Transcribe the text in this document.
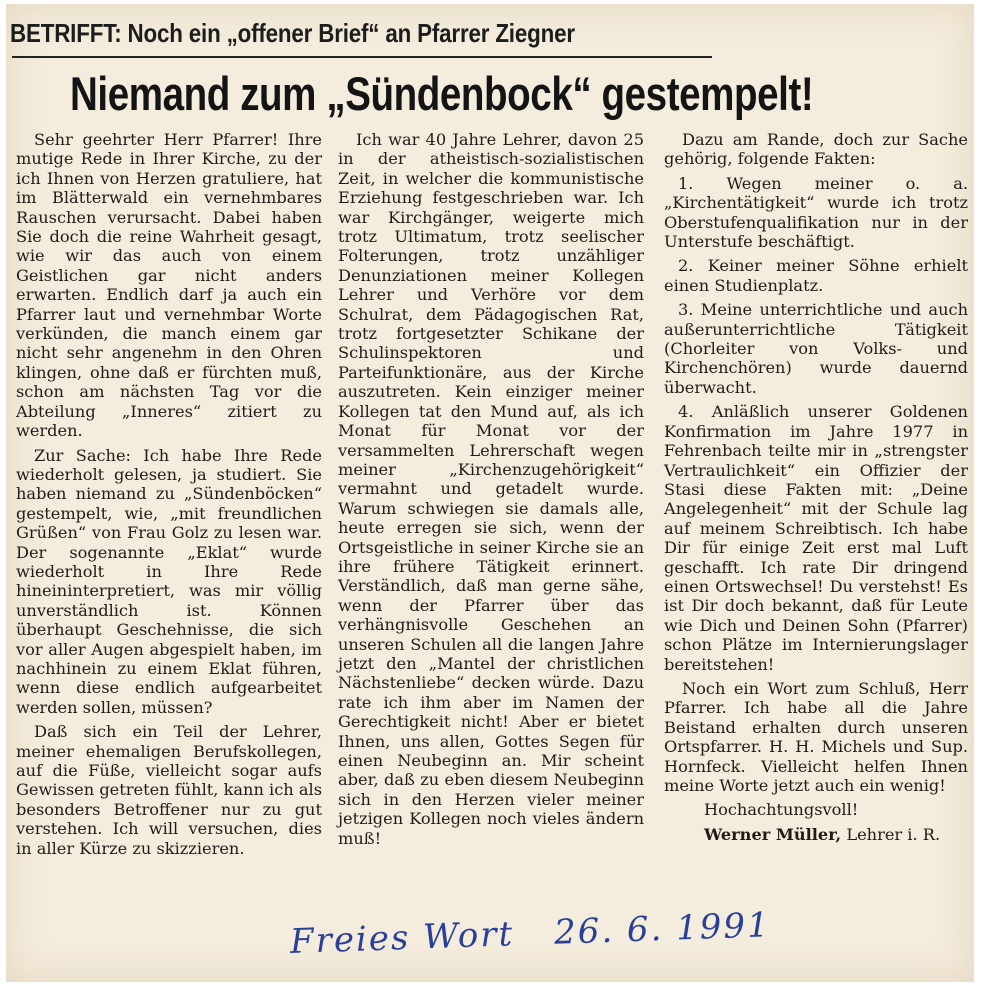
BETRIFFT: Noch ein „offener Brief“ an Pfarrer Ziegner
Niemand zum „Sündenbock“ gestempelt!

Sehr geehrter Herr Pfarrer! Ihre mutige Rede in Ihrer Kirche, zu der ich Ihnen von Herzen gratuliere, hat im Blätterwald ein vernehmbares Rauschen verursacht. Dabei haben Sie doch die reine Wahrheit gesagt, wie wir das auch von einem Geistlichen gar nicht anders erwarten. Endlich darf ja auch ein Pfarrer laut und vernehmbar Worte verkünden, die manch einem gar nicht sehr angenehm in den Ohren klingen, ohne daß er fürchten muß, schon am nächsten Tag vor die Abteilung „Inneres“ zitiert zu werden.

Zur Sache: Ich habe Ihre Rede wiederholt gelesen, ja studiert. Sie haben niemand zu „Sündenböcken“ gestempelt, wie, „mit freundlichen Grüßen“ von Frau Golz zu lesen war. Der sogenannte „Eklat“ wurde wiederholt in Ihre Rede hineininterpretiert, was mir völlig unverständlich ist. Können überhaupt Geschehnisse, die sich vor aller Augen abgespielt haben, im nachhinein zu einem Eklat führen, wenn diese endlich aufgearbeitet werden sollen, müssen?

Daß sich ein Teil der Lehrer, meiner ehemaligen Berufskollegen, auf die Füße, vielleicht sogar aufs Gewissen getreten fühlt, kann ich als besonders Betroffener nur zu gut verstehen. Ich will versuchen, dies in aller Kürze zu skizzieren.

Ich war 40 Jahre Lehrer, davon 25 in der atheistisch-sozialistischen Zeit, in welcher die kommunistische Erziehung festgeschrieben war. Ich war Kirchgänger, weigerte mich trotz Ultimatum, trotz seelischer Folterungen, trotz unzähliger Denunziationen meiner Kollegen Lehrer und Verhöre vor dem Schulrat, dem Pädagogischen Rat, trotz fortgesetzter Schikane der Schulinspektoren und Parteifunktionäre, aus der Kirche auszutreten. Kein einziger meiner Kollegen tat den Mund auf, als ich Monat für Monat vor der versammelten Lehrerschaft wegen meiner „Kirchenzugehörigkeit“ vermahnt und getadelt wurde. Warum schwiegen sie damals alle, heute erregen sie sich, wenn der Ortsgeistliche in seiner Kirche sie an ihre frühere Tätigkeit erinnert. Verständlich, daß man gerne sähe, wenn der Pfarrer über das verhängnisvolle Geschehen an unseren Schulen all die langen Jahre jetzt den „Mantel der christlichen Nächstenliebe“ decken würde. Dazu rate ich ihm aber im Namen der Gerechtigkeit nicht! Aber er bietet Ihnen, uns allen, Gottes Segen für einen Neubeginn an. Mir scheint aber, daß zu eben diesem Neubeginn sich in den Herzen vieler meiner jetzigen Kollegen noch vieles ändern muß!

Dazu am Rande, doch zur Sache gehörig, folgende Fakten:

1. Wegen meiner o. a. „Kirchentätigkeit“ wurde ich trotz Oberstufenqualifikation nur in der Unterstufe beschäftigt.

2. Keiner meiner Söhne erhielt einen Studienplatz.

3. Meine unterrichtliche und auch außerunterrichtliche Tätigkeit (Chorleiter von Volks- und Kirchenchören) wurde dauernd überwacht.

4. Anläßlich unserer Goldenen Konfirmation im Jahre 1977 in Fehrenbach teilte mir in „strengster Vertraulichkeit“ ein Offizier der Stasi diese Fakten mit: „Deine Angelegenheit“ mit der Schule lag auf meinem Schreibtisch. Ich habe Dir für einige Zeit erst mal Luft geschafft. Ich rate Dir dringend einen Ortswechsel! Du verstehst! Es ist Dir doch bekannt, daß für Leute wie Dich und Deinen Sohn (Pfarrer) schon Plätze im Internierungslager bereitstehen!

Noch ein Wort zum Schluß, Herr Pfarrer. Ich habe all die Jahre Beistand erhalten durch unseren Ortspfarrer. H. H. Michels und Sup. Hornfeck. Vielleicht helfen Ihnen meine Worte jetzt auch ein wenig!

Hochachtungsvoll!

Werner Müller, Lehrer i. R.

Freies Wort 26. 6. 1991
